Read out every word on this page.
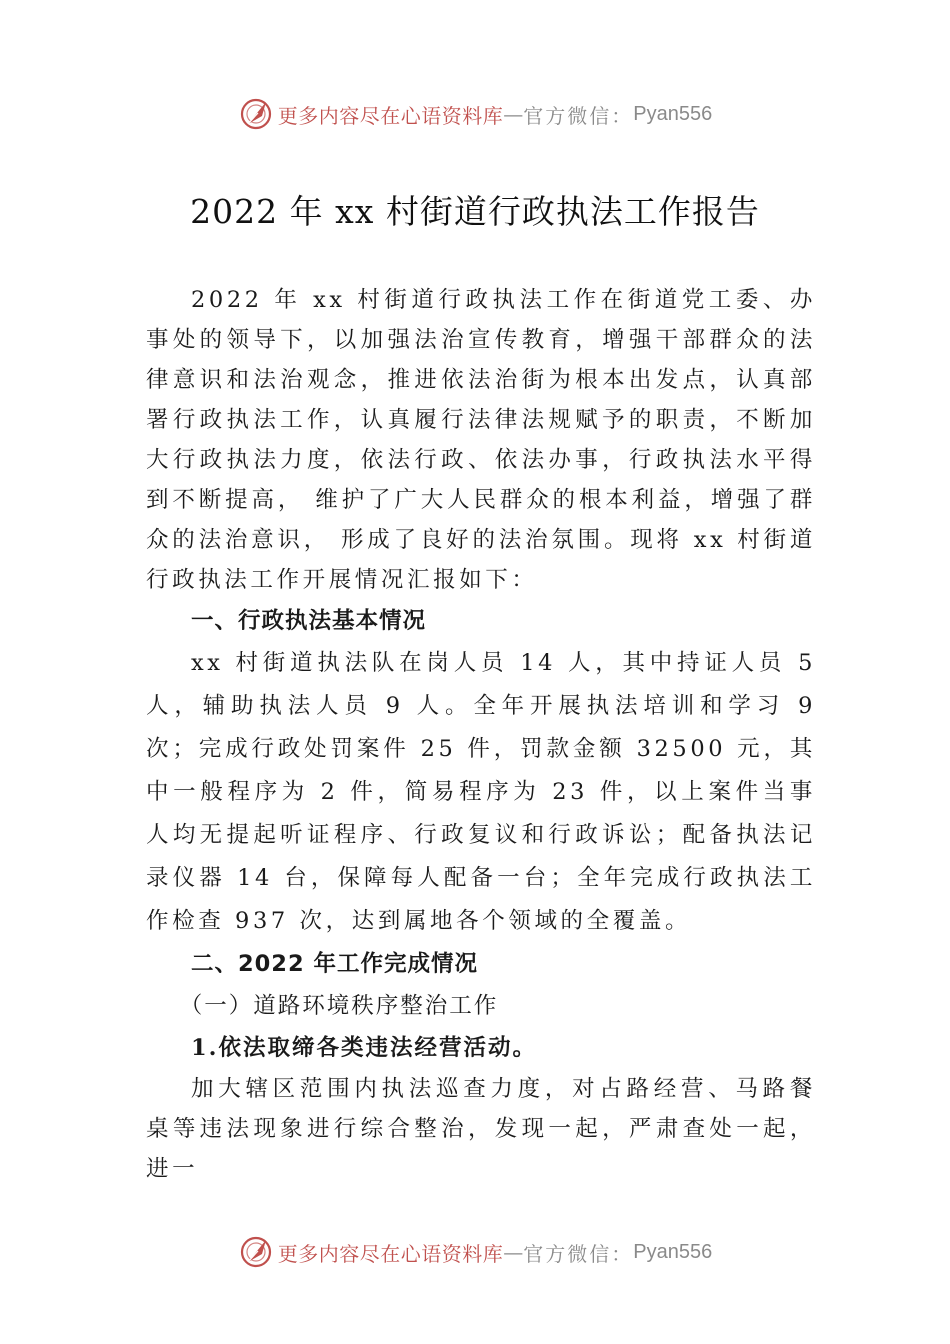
更多内容尽在心语资料库 — 官方微信： Pyan556
2022 年 xx 村街道行政执法工作报告

2022 年 xx 村街道行政执法工作在街道党工委、办事处的领导下，以加强法治宣传教育，增强干部群众的法律意识和法治观念，推进依法治街为根本出发点，认真部署行政执法工作，认真履行法律法规赋予的职责，不断加大行政执法力度，依法行政、依法办事，行政执法水平得到不断提高， 维护了广大人民群众的根本利益，增强了群众的法治意识， 形成了良好的法治氛围。现将 xx 村街道行政执法工作开展情况汇报如下：

一、行政执法基本情况

xx 村街道执法队在岗人员 14 人，其中持证人员 5 人，辅助执法人员 9 人。全年开展执法培训和学习 9 次；完成行政处罚案件 25 件，罚款金额 32500 元，其中一般程序为 2 件，简易程序为 23 件，以上案件当事人均无提起听证程序、行政复议和行政诉讼；配备执法记录仪器 14 台，保障每人配备一台；全年完成行政执法工作检查 937 次，达到属地各个领域的全覆盖。

二、2022 年工作完成情况

（一）道路环境秩序整治工作

1.依法取缔各类违法经营活动。

加大辖区范围内执法巡查力度，对占路经营、马路餐桌等违法现象进行综合整治，发现一起，严肃查处一起，进一

更多内容尽在心语资料库 — 官方微信： Pyan556
